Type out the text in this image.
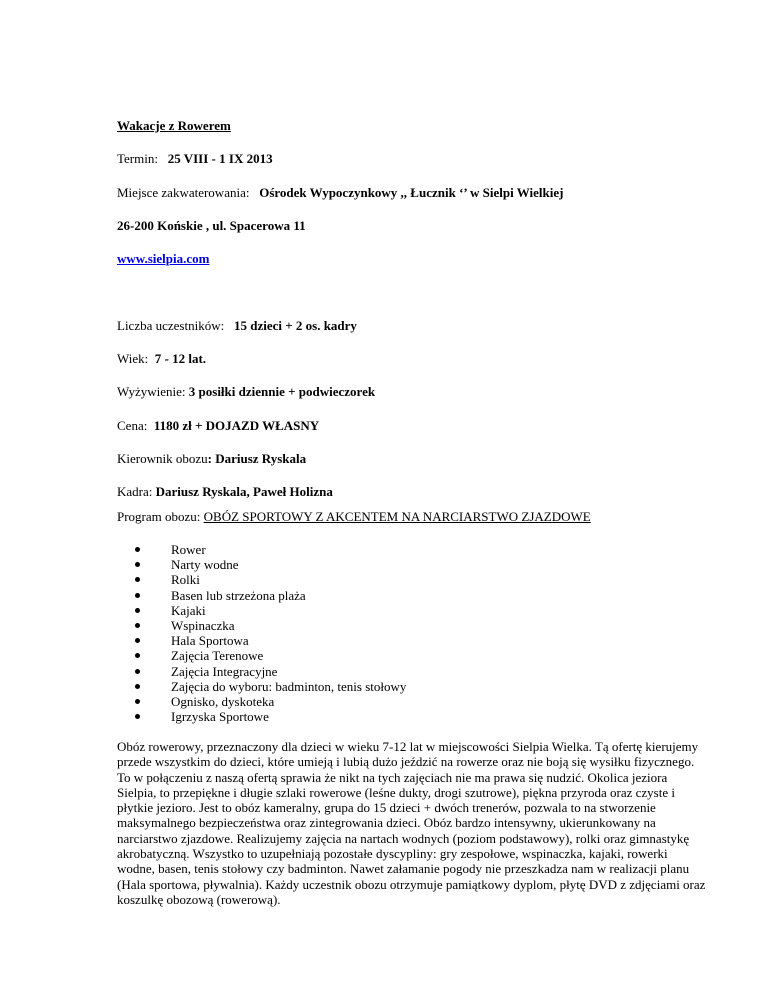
Wakacje z Rowerem
Termin: 25 VIII - 1 IX 2013
Miejsce zakwaterowania: Ośrodek Wypoczynkowy ,, Łucznik ‘’ w Sielpi Wielkiej
26-200 Końskie , ul. Spacerowa 11
www.sielpia.com
Liczba uczestników: 15 dzieci + 2 os. kadry
Wiek: 7 - 12 lat.
Wyżywienie: 3 posiłki dziennie + podwieczorek
Cena: 1180 zł + DOJAZD WŁASNY
Kierownik obozu: Dariusz Ryskala
Kadra: Dariusz Ryskala, Paweł Holizna
Program obozu: OBÓZ SPORTOWY Z AKCENTEM NA NARCIARSTWO ZJAZDOWE
Rower
Narty wodne
Rolki
Basen lub strzeżona plaża
Kajaki
Wspinaczka
Hala Sportowa
Zajęcia Terenowe
Zajęcia Integracyjne
Zajęcia do wyboru: badminton, tenis stołowy
Ognisko, dyskoteka
Igrzyska Sportowe
Obóz rowerowy, przeznaczony dla dzieci w wieku 7-12 lat w miejscowości Sielpia Wielka. Tą ofertę kierujemy
przede wszystkim do dzieci, które umieją i lubią dużo jeździć na rowerze oraz nie boją się wysiłku fizycznego.
To w połączeniu z naszą ofertą sprawia że nikt na tych zajęciach nie ma prawa się nudzić. Okolica jeziora
Sielpia, to przepiękne i długie szlaki rowerowe (leśne dukty, drogi szutrowe), piękna przyroda oraz czyste i
płytkie jezioro. Jest to obóz kameralny, grupa do 15 dzieci + dwóch trenerów, pozwala to na stworzenie
maksymalnego bezpieczeństwa oraz zintegrowania dzieci. Obóz bardzo intensywny, ukierunkowany na
narciarstwo zjazdowe. Realizujemy zajęcia na nartach wodnych (poziom podstawowy), rolki oraz gimnastykę
akrobatyczną. Wszystko to uzupełniają pozostałe dyscypliny: gry zespołowe, wspinaczka, kajaki, rowerki
wodne, basen, tenis stołowy czy badminton. Nawet załamanie pogody nie przeszkadza nam w realizacji planu
(Hala sportowa, pływalnia). Każdy uczestnik obozu otrzymuje pamiątkowy dyplom, płytę DVD z zdjęciami oraz
koszulkę obozową (rowerową).
